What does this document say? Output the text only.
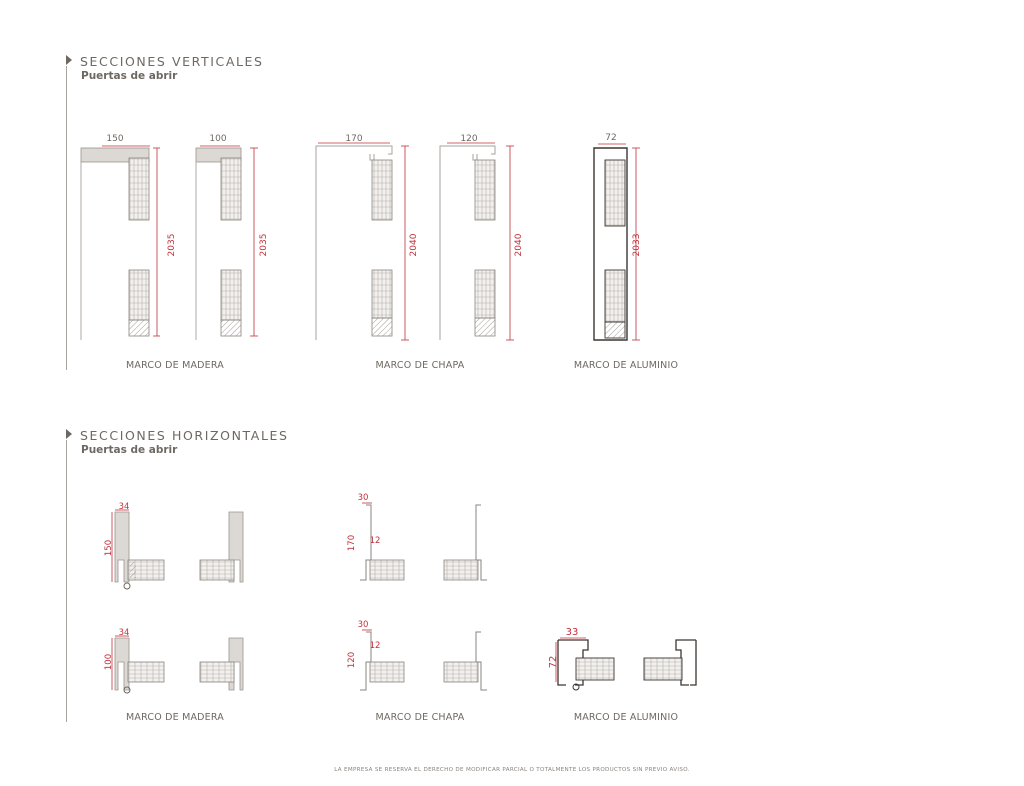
SECCIONES VERTICALES
Puertas de abrir
150	100	170	120	72
2035	2035	2040	2040	2033
MARCO DE MADERA	MARCO DE CHAPA	MARCO DE ALUMINIO
SECCIONES HORIZONTALES
Puertas de abrir
34
150
34
100
30
170 12
30
120
12
33
72
MARCO DE MADERA	MARCO DE CHAPA	MARCO DE ALUMINIO
LA EMPRESA SE RESERVA EL DERECHO DE MODIFICAR PARCIAL O TOTALMENTE LOS PRODUCTOS SIN PREVIO AVISO.
